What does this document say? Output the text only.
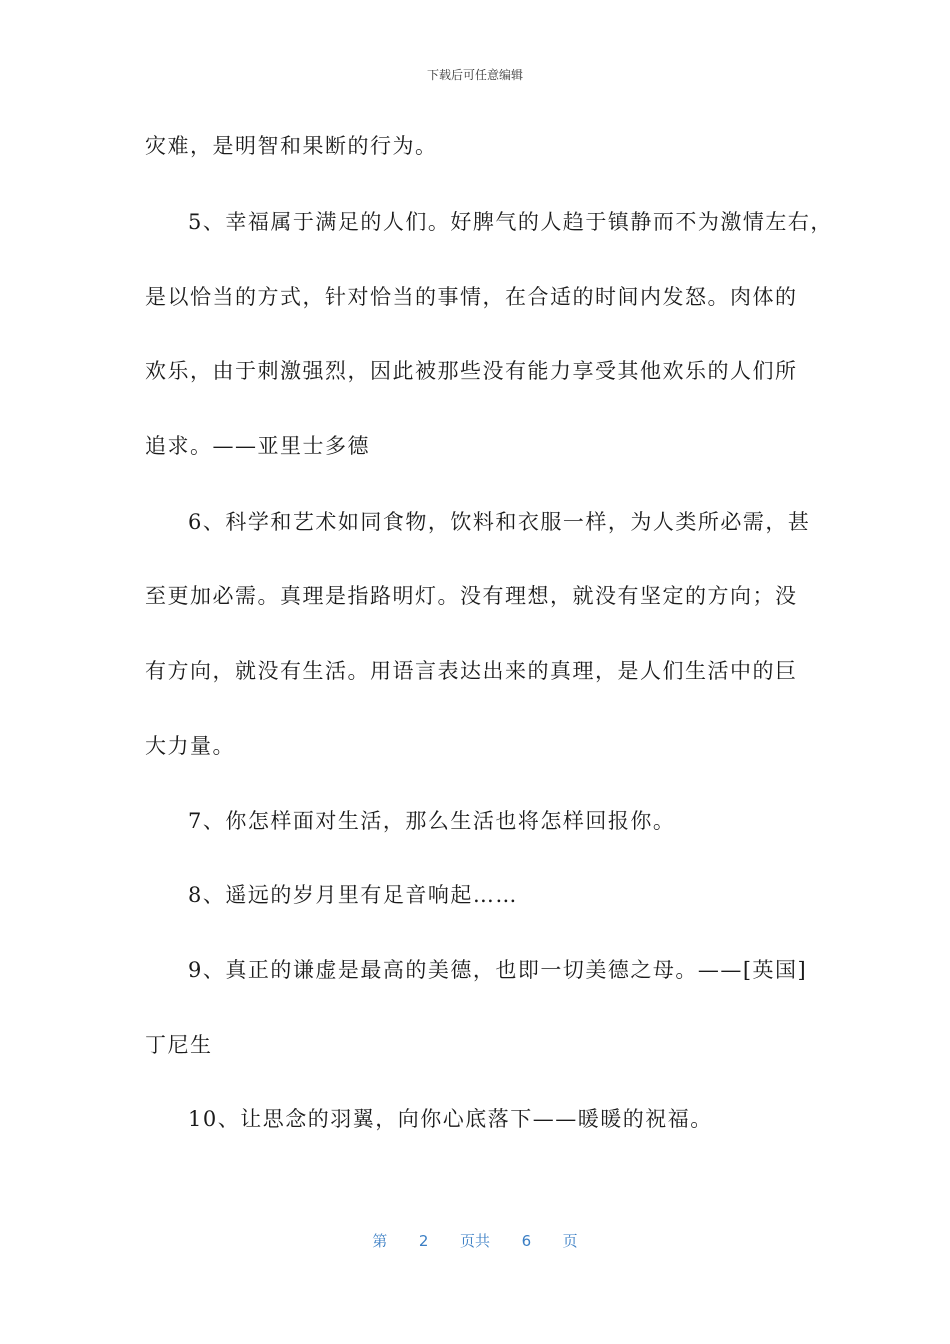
下载后可任意编辑
灾难，是明智和果断的行为。
5、幸福属于满足的人们。好脾气的人趋于镇静而不为激情左右，
是以恰当的方式，针对恰当的事情，在合适的时间内发怒。肉体的
欢乐，由于刺激强烈，因此被那些没有能力享受其他欢乐的人们所
追求。——亚里士多德
6、科学和艺术如同食物，饮料和衣服一样，为人类所必需，甚
至更加必需。真理是指路明灯。没有理想，就没有坚定的方向；没
有方向，就没有生活。用语言表达出来的真理，是人们生活中的巨
大力量。
7、你怎样面对生活，那么生活也将怎样回报你。
8、遥远的岁月里有足音响起……
9、真正的谦虚是最高的美德，也即一切美德之母。——[英国]
丁尼生
10、让思念的羽翼，向你心底落下——暖暖的祝福。
第 2 页共 6 页
